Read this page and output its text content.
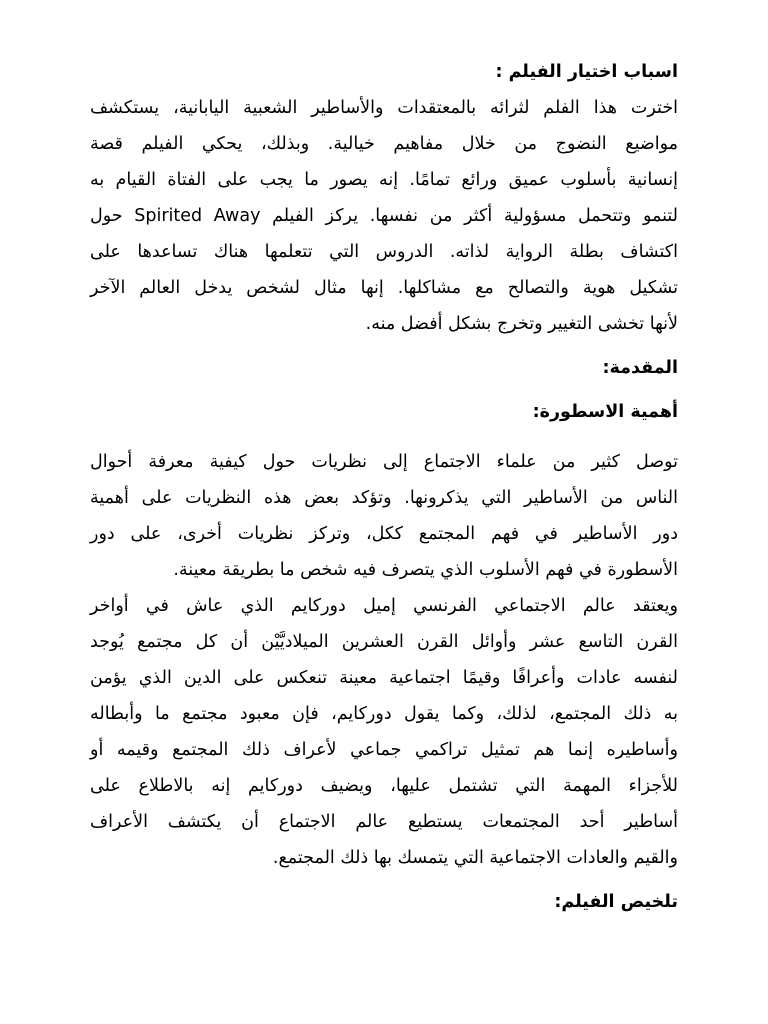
اسباب اختيار الفيلم :

اخترت هذا الفلم لثرائه بالمعتقدات والأساطير الشعبية اليابانية، يستكشف
مواضيع النضوج من خلال مفاهيم خيالية. وبذلك، يحكي الفيلم قصة
إنسانية بأسلوب عميق ورائع تمامًا. إنه يصور ما يجب على الفتاة القيام به
لتنمو وتتحمل مسؤولية أكثر من نفسها. يركز الفيلم Spirited Away حول
اكتشاف بطلة الرواية لذاته. الدروس التي تتعلمها هناك تساعدها على
تشكيل هوية والتصالح مع مشاكلها. إنها مثال لشخص يدخل العالم الآخر
لأنها تخشى التغيير وتخرج بشكل أفضل منه.

المقدمة:

أهمية الاسطورة:

توصل كثير من علماء الاجتماع إلى نظريات حول كيفية معرفة أحوال
الناس من الأساطير التي يذكرونها. وتؤكد بعض هذه النظريات على أهمية
دور الأساطير في فهم المجتمع ككل، وتركز نظريات أخرى، على دور
الأسطورة في فهم الأسلوب الذي يتصرف فيه شخص ما بطريقة معينة.
ويعتقد عالم الاجتماعي الفرنسي إميل دوركايم الذي عاش في أواخر
القرن التاسع عشر وأوائل القرن العشرين الميلاديَّيْن أن كل مجتمع يُوجد
لنفسه عادات وأعرافًا وقيمًا اجتماعية معينة تنعكس على الدين الذي يؤمن
به ذلك المجتمع، لذلك، وكما يقول دوركايم، فإن معبود مجتمع ما وأبطاله
وأساطيره إنما هم تمثيل تراكمي جماعي لأعراف ذلك المجتمع وقيمه أو
للأجزاء المهمة التي تشتمل عليها، ويضيف دوركايم إنه بالاطلاع على
أساطير أحد المجتمعات يستطيع عالم الاجتماع أن يكتشف الأعراف
والقيم والعادات الاجتماعية التي يتمسك بها ذلك المجتمع.

تلخيص الفيلم:
